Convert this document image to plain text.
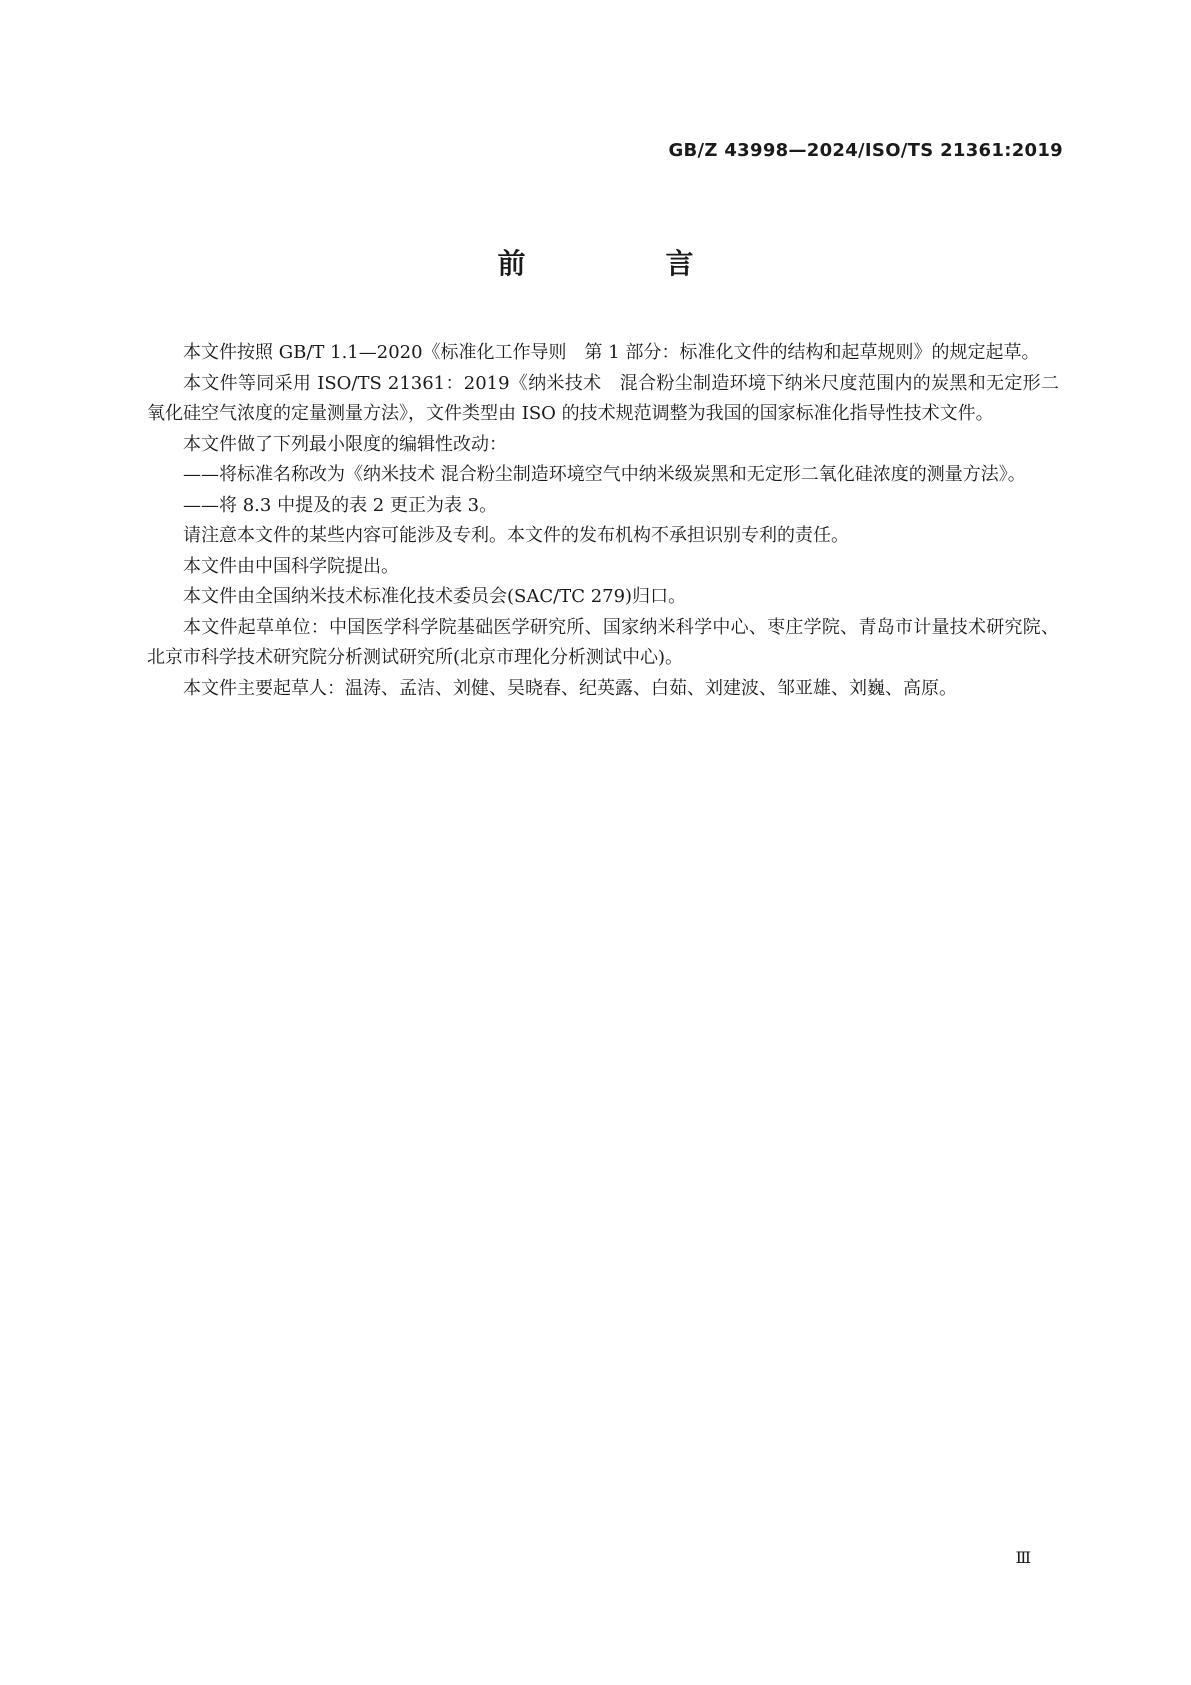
GB/Z 43998—2024/ISO/TS 21361:2019
前　言

本文件按照 GB/T 1.1—2020《标准化工作导则　第 1 部分：标准化文件的结构和起草规则》的规定起草。

本文件等同采用 ISO/TS 21361：2019《纳米技术　混合粉尘制造环境下纳米尺度范围内的炭黑和无定形二氧化硅空气浓度的定量测量方法》，文件类型由 ISO 的技术规范调整为我国的国家标准化指导性技术文件。

本文件做了下列最小限度的编辑性改动：

——将标准名称改为《纳米技术 混合粉尘制造环境空气中纳米级炭黑和无定形二氧化硅浓度的测量方法》。

——将 8.3 中提及的表 2 更正为表 3。

请注意本文件的某些内容可能涉及专利。本文件的发布机构不承担识别专利的责任。

本文件由中国科学院提出。

本文件由全国纳米技术标准化技术委员会(SAC/TC 279)归口。

本文件起草单位：中国医学科学院基础医学研究所、国家纳米科学中心、枣庄学院、青岛市计量技术研究院、北京市科学技术研究院分析测试研究所(北京市理化分析测试中心)。

本文件主要起草人：温涛、孟洁、刘健、吴晓春、纪英露、白茹、刘建波、邹亚雄、刘巍、高原。

Ⅲ
